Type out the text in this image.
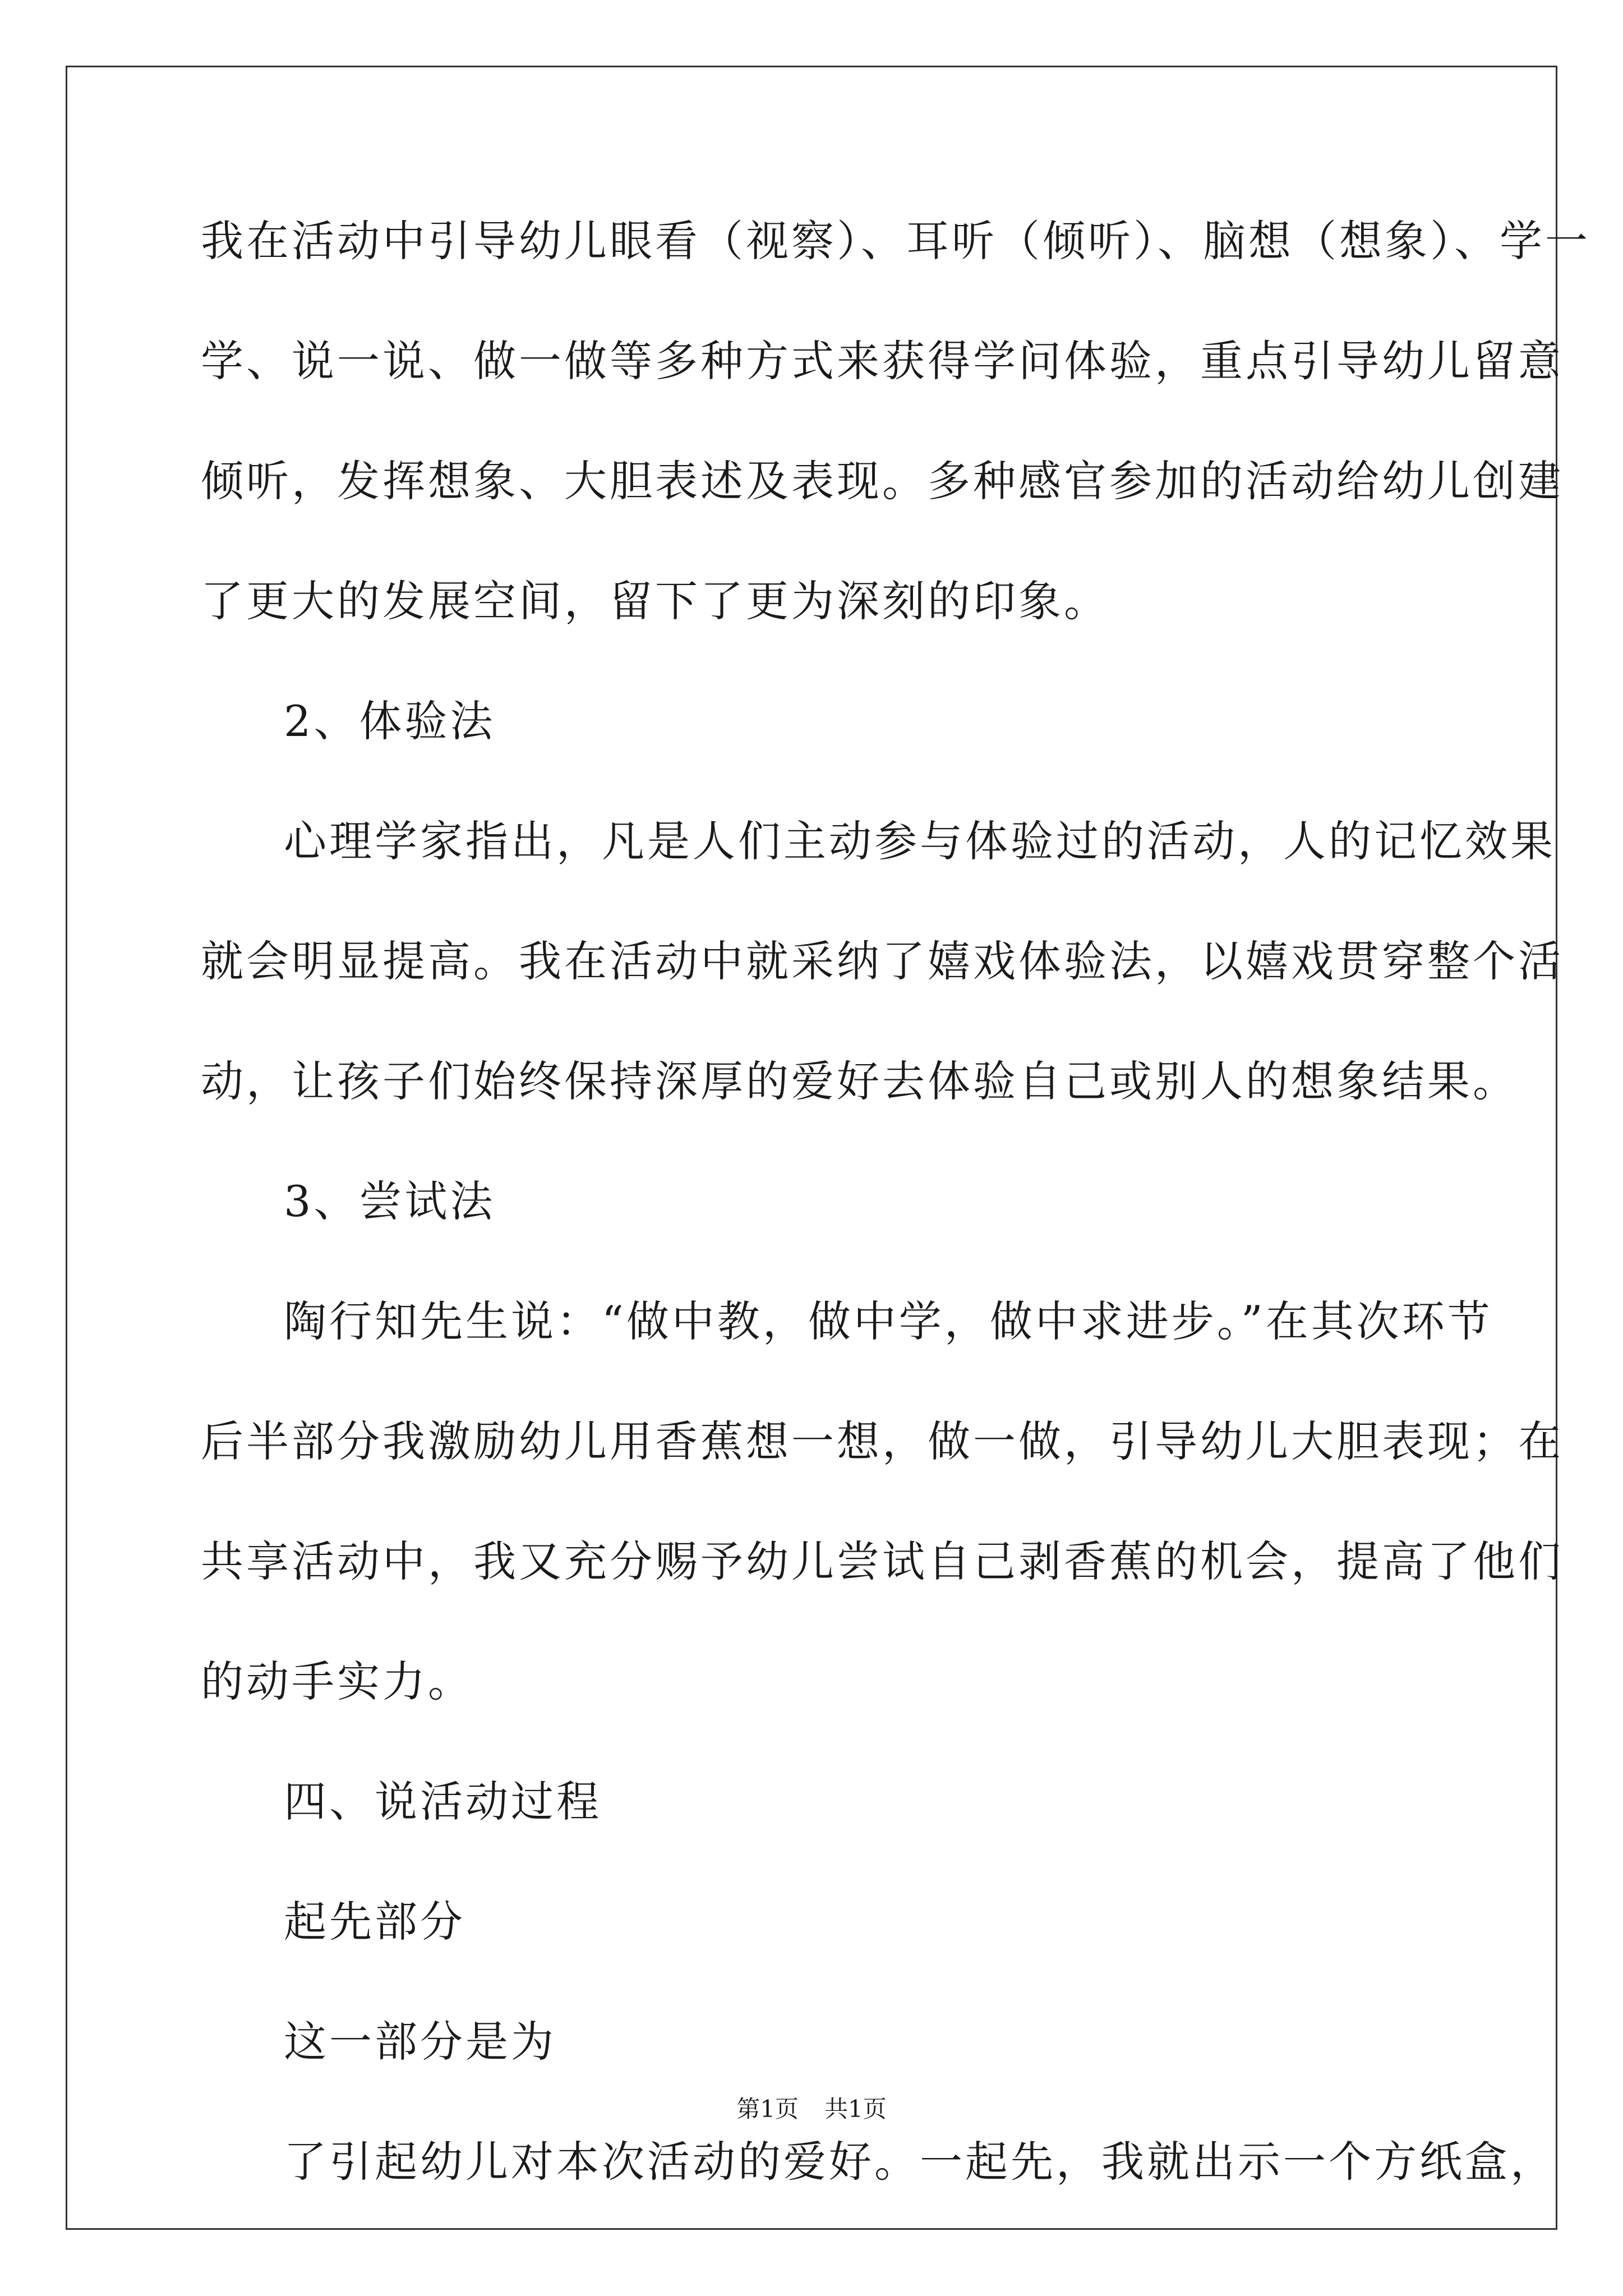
我在活动中引导幼儿眼看（视察）、耳听（倾听）、脑想（想象）、学一
学、说一说、做一做等多种方式来获得学问体验，重点引导幼儿留意
倾听，发挥想象、大胆表述及表现。多种感官参加的活动给幼儿创建
了更大的发展空间，留下了更为深刻的印象。
2、体验法
心理学家指出，凡是人们主动参与体验过的活动，人的记忆效果
就会明显提高。我在活动中就采纳了嬉戏体验法，以嬉戏贯穿整个活
动，让孩子们始终保持深厚的爱好去体验自己或别人的想象结果。
3、尝试法
陶行知先生说：“做中教，做中学，做中求进步。”在其次环节
后半部分我激励幼儿用香蕉想一想，做一做，引导幼儿大胆表现；在
共享活动中，我又充分赐予幼儿尝试自己剥香蕉的机会，提高了他们
的动手实力。
四、说活动过程
起先部分
这一部分是为
了引起幼儿对本次活动的爱好。一起先，我就出示一个方纸盒，
第1页 共1页
